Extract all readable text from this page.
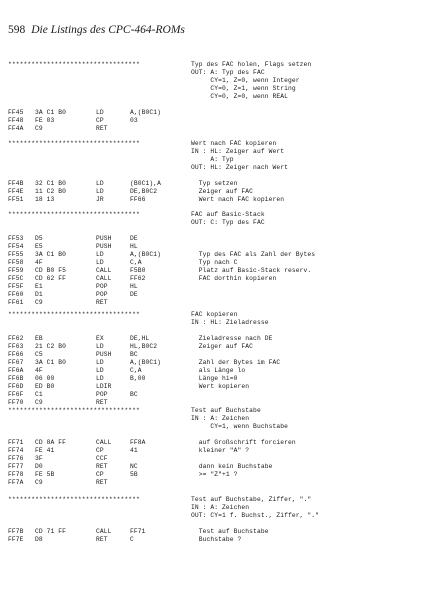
598 Die Listings des CPC-464-ROMs
**********************************	Typ des FAC holen, Flags setzen
OUT: A: Typ des FAC
CY=1, Z=0, wenn Integer
CY=0, Z=1, wenn String
CY=0, Z=0, wenn REAL
FF45 3A C1 B0	LD	A,(B0C1)
FF48 FE 03	CP	03
FF4A C9	RET
**********************************	Wert nach FAC kopieren
IN : HL: Zeiger auf Wert
A: Typ
OUT: HL: Zeiger nach Wert
FF4B 32 C1 B0	LD	(B0C1),A	Typ setzen
FF4E 11 C2 B0	LD	DE,B0C2	Zeiger auf FAC
FF51 18 13	JR	FF66	Wert nach FAC kopieren
**********************************	FAC auf Basic-Stack
OUT: C: Typ des FAC
FF53 D5	PUSH	DE
FF54 E5	PUSH	HL
FF55 3A C1 B0	LD	A,(B0C1)	Typ des FAC als Zahl der Bytes
FF58 4F	LD	C,A	Typ nach C
FF59 CD B0 F5	CALL	F5B0	Platz auf Basic-Stack reserv.
FF5C CD 62 FF	CALL	FF62	FAC dorthin kopieren
FF5F E1	POP	HL
FF60 D1	POP	DE
FF61 C9	RET
**********************************	FAC kopieren
IN : HL: Zieladresse
FF62 EB	EX	DE,HL	Zieladresse nach DE
FF63 21 C2 B0	LD	HL,B0C2	Zeiger auf FAC
FF66 C5	PUSH	BC
FF67 3A C1 B0	LD	A,(B0C1)	Zahl der Bytes im FAC
FF6A 4F	LD	C,A	als Länge lo
FF6B 06 00	LD	B,00	Länge hi=0
FF6D ED B0	LDIR	Wert kopieren
FF6F C1	POP	BC
FF70 C9	RET
**********************************	Test auf Buchstabe
IN : A: Zeichen
CY=1, wenn Buchstabe
FF71 CD 8A FF	CALL	FF8A	auf Großschrift forcieren
FF74 FE 41	CP	41	kleiner "A" ?
FF76 3F	CCF
FF77 D0	RET	NC	dann kein Buchstabe
FF78 FE 5B	CP	5B	>= "Z"+1 ?
FF7A C9	RET
**********************************	Test auf Buchstabe, Ziffer, "."
IN : A: Zeichen
OUT: CY=1 f. Buchst., Ziffer, "."
FF7B CD 71 FF	CALL	FF71	Test auf Buchstabe
FF7E D8	RET	C	Buchstabe ?
